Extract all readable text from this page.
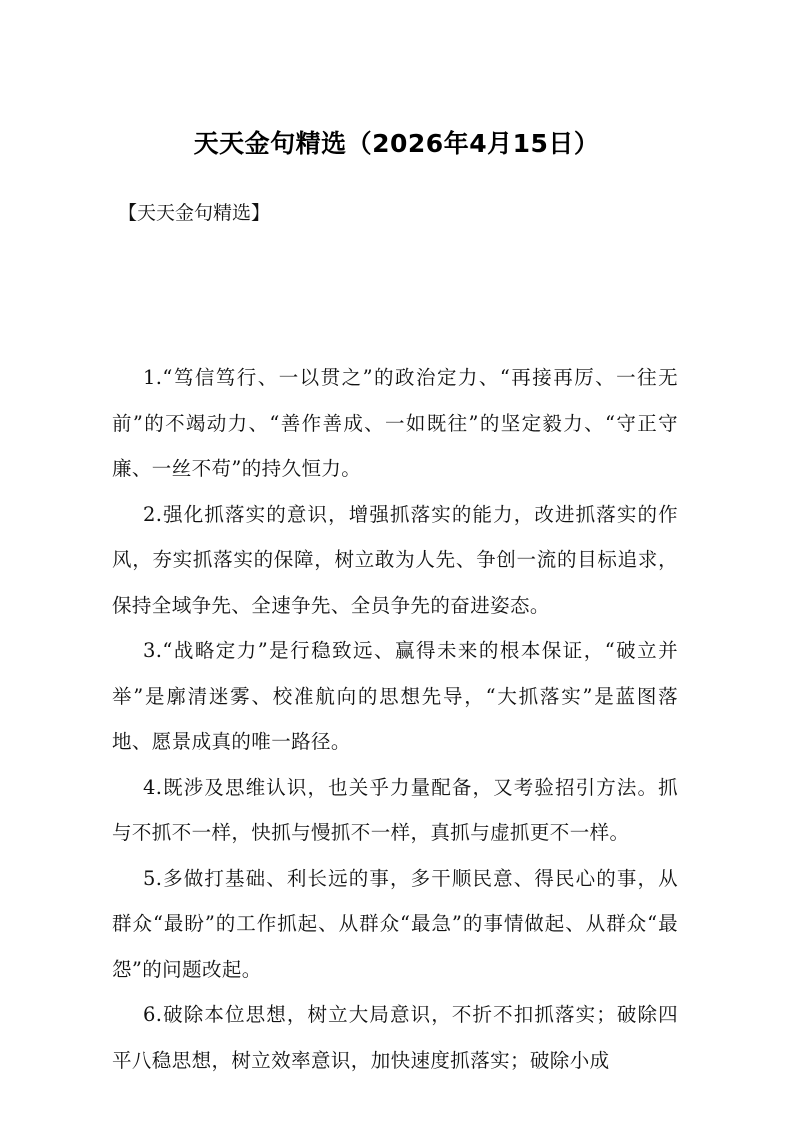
天天金句精选（2026年4月15日）
【天天金句精选】

1.“笃信笃行、一以贯之”的政治定力、“再接再厉、一往无前”的不竭动力、“善作善成、一如既往”的坚定毅力、“守正守廉、一丝不苟”的持久恒力。

2.强化抓落实的意识，增强抓落实的能力，改进抓落实的作风，夯实抓落实的保障，树立敢为人先、争创一流的目标追求，保持全域争先、全速争先、全员争先的奋进姿态。

3.“战略定力”是行稳致远、赢得未来的根本保证，“破立并举”是廓清迷雾、校准航向的思想先导，“大抓落实”是蓝图落地、愿景成真的唯一路径。

4.既涉及思维认识，也关乎力量配备，又考验招引方法。抓与不抓不一样，快抓与慢抓不一样，真抓与虚抓更不一样。

5.多做打基础、利长远的事，多干顺民意、得民心的事，从群众“最盼”的工作抓起、从群众“最急”的事情做起、从群众“最怨”的问题改起。

6.破除本位思想，树立大局意识，不折不扣抓落实；破除四平八稳思想，树立效率意识，加快速度抓落实；破除小成
